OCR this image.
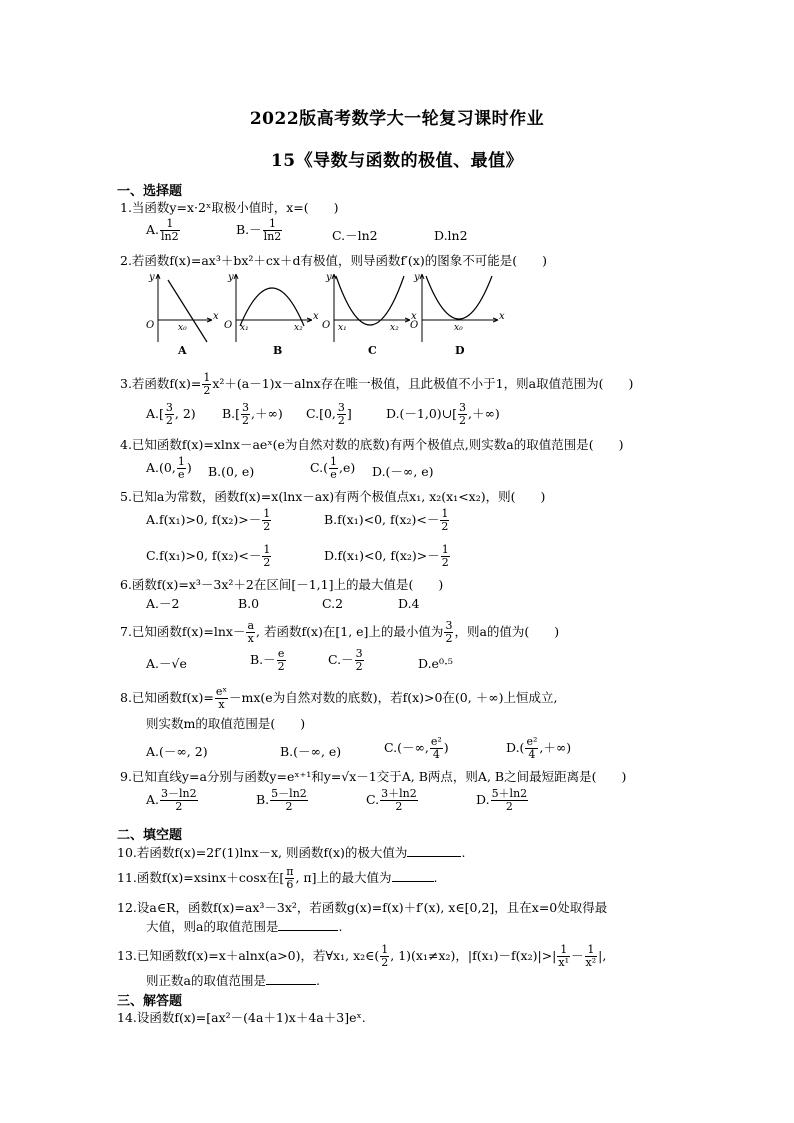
2022版高考数学大一轮复习课时作业
15《导数与函数的极值、最值》
一、选择题
1.当函数y=x·2ˣ取极小值时，x=(　　)
A. $\frac{1}{\ln 2}$	$B.- \frac{1}{\ln 2}$	C.－ln2	D.ln2
2.若函数f(x)=ax³＋bx²＋cx＋d有极值，则导函数f′(x)的图象不可能是(　　)
y
x
O	x₀
A
y
x
O x₁	x₂
B
y
x
O x₁	x₂
C
y
x
O	x₀
D
3.若函数$f(x)= \frac{1}{2} x^2+(a-1)x-alnx$存在唯一极值，且此极值不小于1，则a取值范围为(　　)
$A.[ \frac{3}{2}$ , 2) $B.[ \frac{3}{2}$ ,＋∞) C.[0, $\frac{3}{2}$ ]	D.(－1,0)∪[ $\frac{3}{2}$ ,＋∞)
4.已知函数f(x)=xlnx－aeˣ(e为自然对数的底数)有两个极值点,则实数a的取值范围是(　　)
A.(0, $\frac{1}{e}$ ) B.(0, e)	$C.( \frac{1}{e} ,e)$ D.(－∞, e)
5.已知a为常数，函数f(x)=x(lnx－ax)有两个极值点x₁, x₂(x₁<x₂)，则(　　)
A.f(x₁)>0, $f(x_2)>- \frac{1}{2}$	B.f(x₁)<0, $f(x_2)<- \frac{1}{2}$
C.f(x₁)>0, $f(x_2)<- \frac{1}{2}$	D.f(x₁)<0, $f(x_2)>- \frac{1}{2}$
6.函数f(x)=x³－3x²＋2在区间[－1,1]上的最大值是(　　)
A.－2	B.0	C.2	D.4
7.已知函数$f(x)=\ln x- \frac{a}{x}$ , 若函数f(x)在[1, e]上的最小值为 $\frac{3}{2}$ ，则a的值为(　　)
A.－√e	$B.- \frac{e}{2}$	$C.- \frac{3}{2}$	D.e⁰·⁵
8.已知函数$f(x)= \frac{\text{eˣ}}{x} -mx(e$为自然对数的底数)，若f(x)>0在(0, ＋∞)上恒成立,
则实数m的取值范围是(　　)
A.(－∞, 2)	B.(－∞, e)	C.(－∞, $\frac{\text{e²}}{4}$ )	$D.( \frac{\text{e²}}{4}$ ,＋∞)
9.已知直线y=a分别与函数y=eˣ⁺¹和y=√x－1交于A, B两点，则A, B之间最短距离是(　　)
A. $\frac{3-\ln 2}{2}$	B. $\frac{5-\ln 2}{2}$	C. $\frac{3+\ln 2}{2}$	D. $\frac{5+\ln 2}{2}$
二、填空题
10.若函数f(x)=2f′(1)lnx－x, 则函数f(x)的极大值为	.
11.函数f(x)=xsinx＋cosx在[ $\frac{\pi}{6}$ , π]上的最大值为	.
12.设a∈R，函数f(x)=ax³－3x²，若函数g(x)=f(x)＋f′(x), x∈[0,2]，且在x=0处取得最
大值，则a的取值范围是	.
13.已知函数f(x)=x＋alnx(a>0)，若∀x₁, x₂∈( $\frac{1}{2}$ , 1)(x₁≠x₂)，$|f(x_1)-f(x_2)|>| \frac{1}{\text{x¹}} - \frac{1}{\text{x²}}$ |,
则正数a的取值范围是	.
三、解答题
14.设函数f(x)=[ax²－(4a＋1)x＋4a＋3]eˣ.
